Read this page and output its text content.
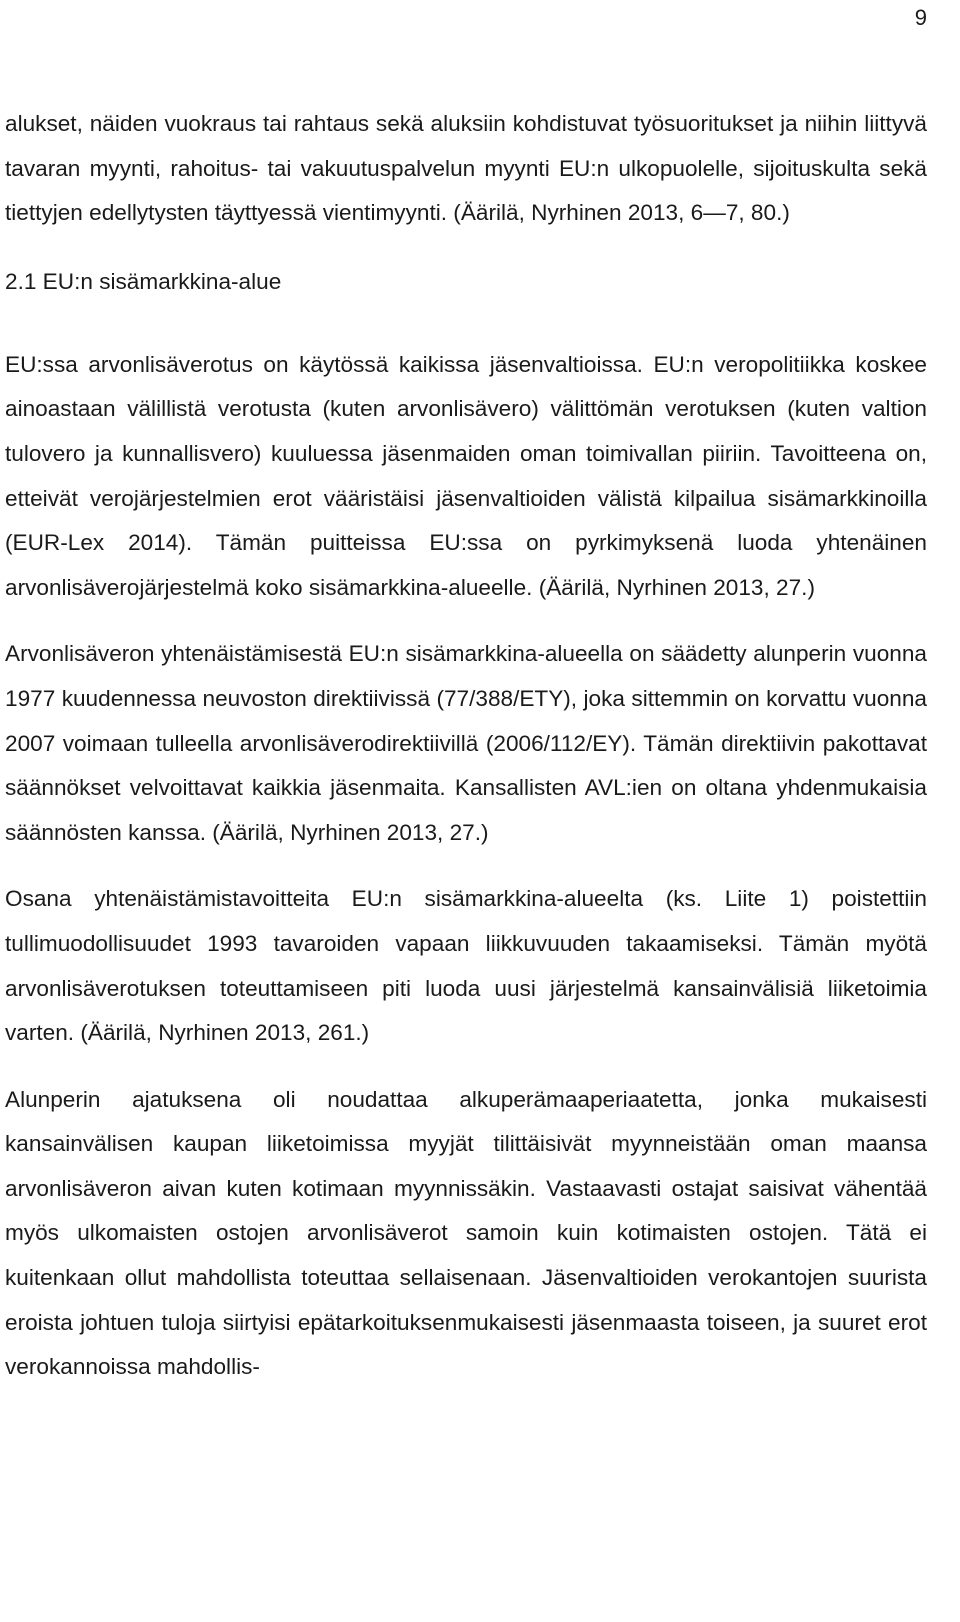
9

alukset, näiden vuokraus tai rahtaus sekä aluksiin kohdistuvat työsuoritukset ja niihin liittyvä tavaran myynti, rahoitus- tai vakuutuspalvelun myynti EU:n ulkopuolelle, sijoituskulta sekä tiettyjen edellytysten täyttyessä vientimyynti. (Äärilä, Nyrhinen 2013, 6—7, 80.)

2.1 EU:n sisämarkkina-alue

EU:ssa arvonlisäverotus on käytössä kaikissa jäsenvaltioissa. EU:n veropolitiikka koskee ainoastaan välillistä verotusta (kuten arvonlisävero) välittömän verotuksen (kuten valtion tulovero ja kunnallisvero) kuuluessa jäsenmaiden oman toimivallan piiriin. Tavoitteena on, etteivät verojärjestelmien erot vääristäisi jäsenvaltioiden välistä kilpailua sisämarkkinoilla (EUR-Lex 2014). Tämän puitteissa EU:ssa on pyrkimyksenä luoda yhtenäinen arvonlisäverojärjestelmä koko sisämarkkina-alueelle. (Äärilä, Nyrhinen 2013, 27.)

Arvonlisäveron yhtenäistämisestä EU:n sisämarkkina-alueella on säädetty alunperin vuonna 1977 kuudennessa neuvoston direktiivissä (77/388/ETY), joka sittemmin on korvattu vuonna 2007 voimaan tulleella arvonlisäverodirektiivillä (2006/112/EY). Tämän direktiivin pakottavat säännökset velvoittavat kaikkia jäsenmaita. Kansallisten AVL:ien on oltana yhdenmukaisia säännösten kanssa. (Äärilä, Nyrhinen 2013, 27.)

Osana yhtenäistämistavoitteita EU:n sisämarkkina-alueelta (ks. Liite 1) poistettiin tullimuodollisuudet 1993 tavaroiden vapaan liikkuvuuden takaamiseksi. Tämän myötä arvonlisäverotuksen toteuttamiseen piti luoda uusi järjestelmä kansainvälisiä liiketoimia varten. (Äärilä, Nyrhinen 2013, 261.)

Alunperin ajatuksena oli noudattaa alkuperämaaperiaatetta, jonka mukaisesti kansainvälisen kaupan liiketoimissa myyjät tilittäisivät myynneistään oman maansa arvonlisäveron aivan kuten kotimaan myynnissäkin. Vastaavasti ostajat saisivat vähentää myös ulkomaisten ostojen arvonlisäverot samoin kuin kotimaisten ostojen. Tätä ei kuitenkaan ollut mahdollista toteuttaa sellaisenaan. Jäsenvaltioiden verokantojen suurista eroista johtuen tuloja siirtyisi epätarkoituksenmukaisesti jäsenmaasta toiseen, ja suuret erot verokannoissa mahdollis-
